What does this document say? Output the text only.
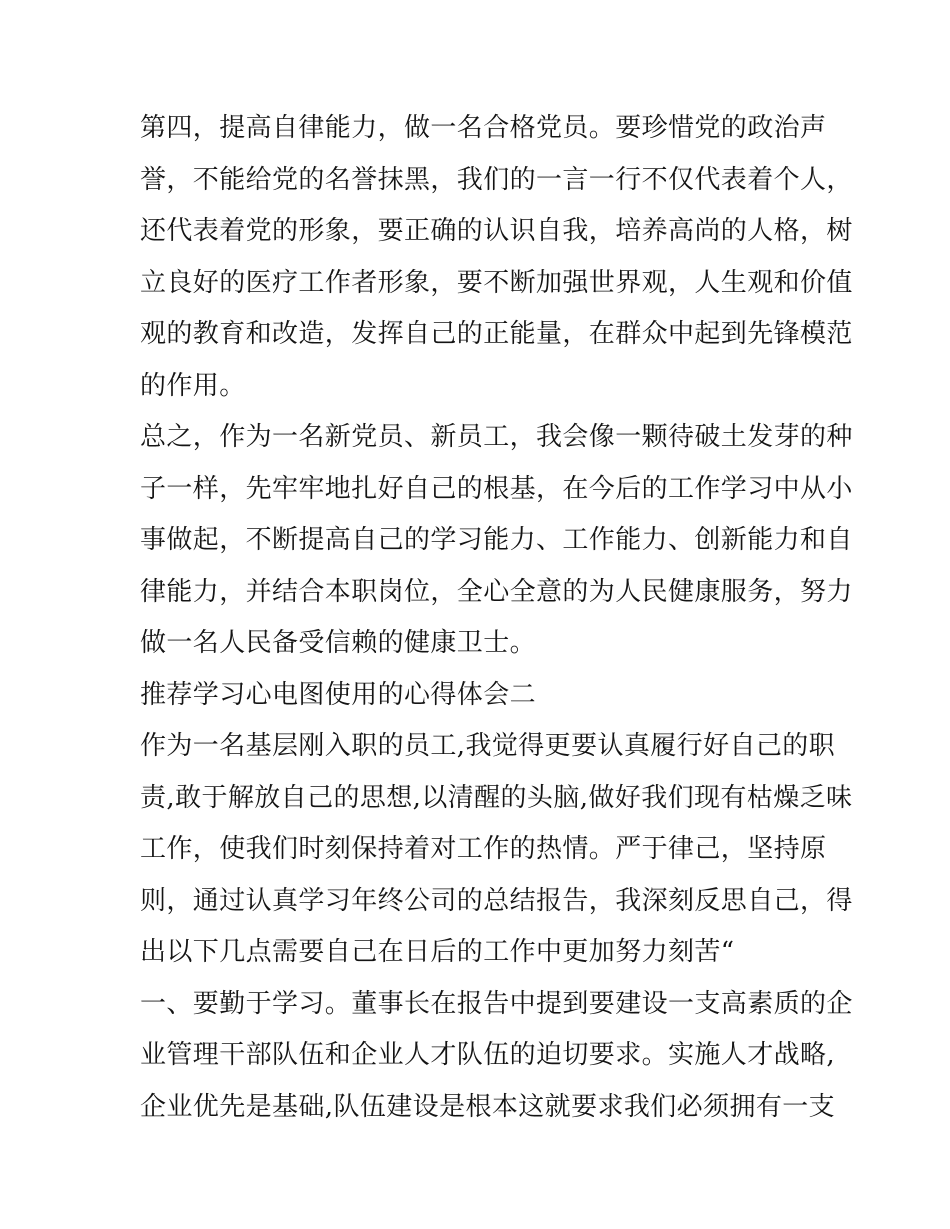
第四，提高自律能力，做一名合格党员。要珍惜党的政治声
誉，不能给党的名誉抹黑，我们的一言一行不仅代表着个人，
还代表着党的形象，要正确的认识自我，培养高尚的人格，树
立良好的医疗工作者形象，要不断加强世界观，人生观和价值
观的教育和改造，发挥自己的正能量，在群众中起到先锋模范
的作用。

总之，作为一名新党员、新员工，我会像一颗待破土发芽的种
子一样，先牢牢地扎好自己的根基，在今后的工作学习中从小
事做起，不断提高自己的学习能力、工作能力、创新能力和自
律能力，并结合本职岗位，全心全意的为人民健康服务，努力
做一名人民备受信赖的健康卫士。

推荐学习心电图使用的心得体会二

作为一名基层刚入职的员工,我觉得更要认真履行好自己的职
责,敢于解放自己的思想,以清醒的头脑,做好我们现有枯燥乏味
工作，使我们时刻保持着对工作的热情。严于律己，坚持原
则，通过认真学习年终公司的总结报告，我深刻反思自己，得
出以下几点需要自己在日后的工作中更加努力刻苦“

一、要勤于学习。董事长在报告中提到要建设一支高素质的企
业管理干部队伍和企业人才队伍的迫切要求。实施人才战略,
企业优先是基础,队伍建设是根本这就要求我们必须拥有一支
